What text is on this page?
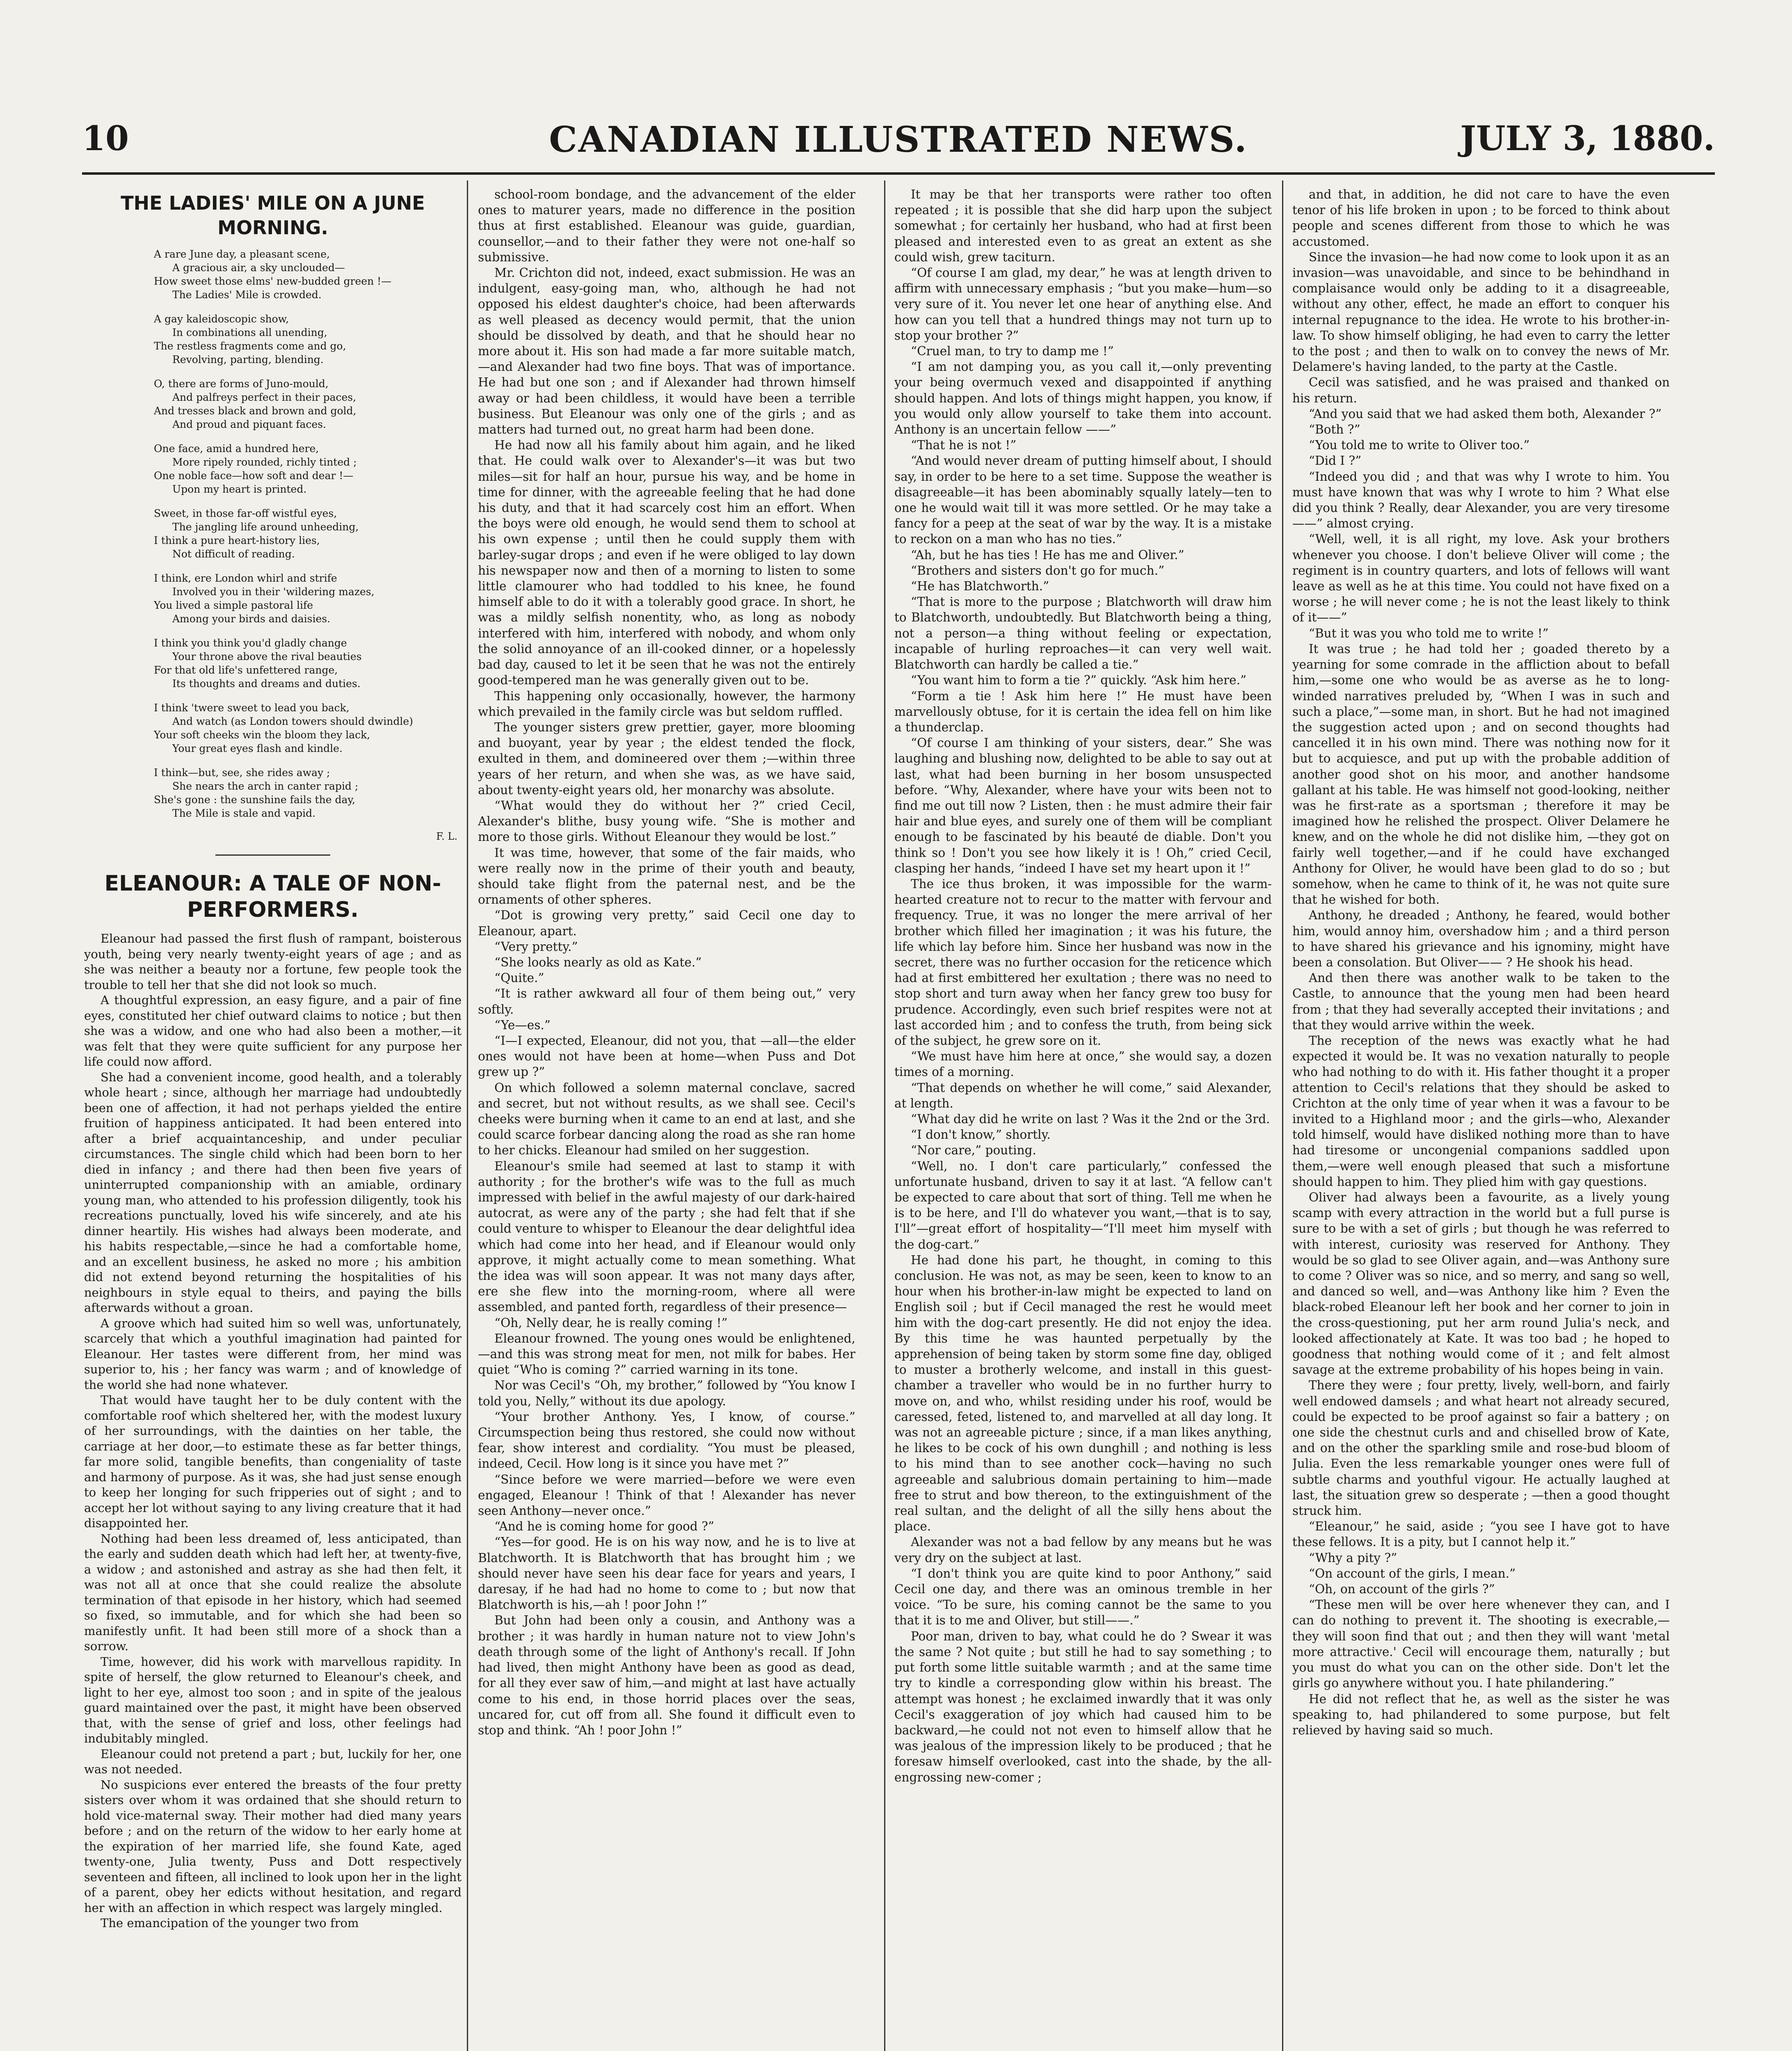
10	CANADIAN ILLUSTRATED NEWS.	JULY 3, 1880.
THE LADIES' MILE ON A JUNE MORNING.
A rare June day, a pleasant scene,
A gracious air, a sky unclouded—
How sweet those elms' new-budded green !—
The Ladies' Mile is crowded.
A gay kaleidoscopic show,
In combinations all unending,
The restless fragments come and go,
Revolving, parting, blending.
O, there are forms of Juno-mould,
And palfreys perfect in their paces,
And tresses black and brown and gold,
And proud and piquant faces.
One face, amid a hundred here,
More ripely rounded, richly tinted ;
One noble face—how soft and dear !—
Upon my heart is printed.
Sweet, in those far-off wistful eyes,
The jangling life around unheeding,
I think a pure heart-history lies,
Not difficult of reading.
I think, ere London whirl and strife
Involved you in their 'wildering mazes,
You lived a simple pastoral life
Among your birds and daisies.
I think you think you'd gladly change
Your throne above the rival beauties
For that old life's unfettered range,
Its thoughts and dreams and duties.
I think 'twere sweet to lead you back,
And watch (as London towers should dwindle)
Your soft cheeks win the bloom they lack,
Your great eyes flash and kindle.
I think—but, see, she rides away ;
She nears the arch in canter rapid ;
She's gone : the sunshine fails the day,
The Mile is stale and vapid.
F. L.
ELEANOUR: A TALE OF NON-PERFORMERS.

Eleanour had passed the first flush of rampant, boisterous youth, being very nearly twenty-eight years of age ; and as she was neither a beauty nor a fortune, few people took the trouble to tell her that she did not look so much.

A thoughtful expression, an easy figure, and a pair of fine eyes, constituted her chief outward claims to notice ; but then she was a widow, and one who had also been a mother,—it was felt that they were quite sufficient for any purpose her life could now afford.

She had a convenient income, good health, and a tolerably whole heart ; since, although her marriage had undoubtedly been one of affection, it had not perhaps yielded the entire fruition of happiness anticipated. It had been entered into after a brief acquaintanceship, and under peculiar circumstances. The single child which had been born to her died in infancy ; and there had then been five years of uninterrupted companionship with an amiable, ordinary young man, who attended to his profession diligently, took his recreations punctually, loved his wife sincerely, and ate his dinner heartily. His wishes had always been moderate, and his habits respectable,—since he had a comfortable home, and an excellent business, he asked no more ; his ambition did not extend beyond returning the hospitalities of his neighbours in style equal to theirs, and paying the bills afterwards without a groan.

A groove which had suited him so well was, unfortunately, scarcely that which a youthful imagination had painted for Eleanour. Her tastes were different from, her mind was superior to, his ; her fancy was warm ; and of knowledge of the world she had none whatever.

That would have taught her to be duly content with the comfortable roof which sheltered her, with the modest luxury of her surroundings, with the dainties on her table, the carriage at her door,—to estimate these as far better things, far more solid, tangible benefits, than congeniality of taste and harmony of purpose. As it was, she had just sense enough to keep her longing for such fripperies out of sight ; and to accept her lot without saying to any living creature that it had disappointed her.

Nothing had been less dreamed of, less anticipated, than the early and sudden death which had left her, at twenty-five, a widow ; and astonished and astray as she had then felt, it was not all at once that she could realize the absolute termination of that episode in her history, which had seemed so fixed, so immutable, and for which she had been so manifestly unfit. It had been still more of a shock than a sorrow.

Time, however, did his work with marvellous rapidity. In spite of herself, the glow returned to Eleanour's cheek, and light to her eye, almost too soon ; and in spite of the jealous guard maintained over the past, it might have been observed that, with the sense of grief and loss, other feelings had indubitably mingled.

Eleanour could not pretend a part ; but, luckily for her, one was not needed.

No suspicions ever entered the breasts of the four pretty sisters over whom it was ordained that she should return to hold vice-maternal sway. Their mother had died many years before ; and on the return of the widow to her early home at the expiration of her married life, she found Kate, aged twenty-one, Julia twenty, Puss and Dott respectively seventeen and fifteen, all inclined to look upon her in the light of a parent, obey her edicts without hesitation, and regard her with an affection in which respect was largely mingled.

The emancipation of the younger two from

school-room bondage, and the advancement of the elder ones to maturer years, made no difference in the position thus at first established. Eleanour was guide, guardian, counsellor,—and to their father they were not one-half so submissive.

Mr. Crichton did not, indeed, exact submission. He was an indulgent, easy-going man, who, although he had not opposed his eldest daughter's choice, had been afterwards as well pleased as decency would permit, that the union should be dissolved by death, and that he should hear no more about it. His son had made a far more suitable match,—and Alexander had two fine boys. That was of importance. He had but one son ; and if Alexander had thrown himself away or had been childless, it would have been a terrible business. But Eleanour was only one of the girls ; and as matters had turned out, no great harm had been done.

He had now all his family about him again, and he liked that. He could walk over to Alexander's—it was but two miles—sit for half an hour, pursue his way, and be home in time for dinner, with the agreeable feeling that he had done his duty, and that it had scarcely cost him an effort. When the boys were old enough, he would send them to school at his own expense ; until then he could supply them with barley-sugar drops ; and even if he were obliged to lay down his newspaper now and then of a morning to listen to some little clamourer who had toddled to his knee, he found himself able to do it with a tolerably good grace. In short, he was a mildly selfish nonentity, who, as long as nobody interfered with him, interfered with nobody, and whom only the solid annoyance of an ill-cooked dinner, or a hopelessly bad day, caused to let it be seen that he was not the entirely good-tempered man he was generally given out to be.

This happening only occasionally, however, the harmony which prevailed in the family circle was but seldom ruffled.

The younger sisters grew prettier, gayer, more blooming and buoyant, year by year ; the eldest tended the flock, exulted in them, and domineered over them ;—within three years of her return, and when she was, as we have said, about twenty-eight years old, her monarchy was absolute.

“What would they do without her ?” cried Cecil, Alexander's blithe, busy young wife. “She is mother and more to those girls. Without Eleanour they would be lost.”

It was time, however, that some of the fair maids, who were really now in the prime of their youth and beauty, should take flight from the paternal nest, and be the ornaments of other spheres.

“Dot is growing very pretty,” said Cecil one day to Eleanour, apart.

“Very pretty.”

“She looks nearly as old as Kate.”

“Quite.”

“It is rather awkward all four of them being out,” very softly.

“Ye—es.”

“I—I expected, Eleanour, did not you, that —all—the elder ones would not have been at home—when Puss and Dot grew up ?”

On which followed a solemn maternal conclave, sacred and secret, but not without results, as we shall see. Cecil's cheeks were burning when it came to an end at last, and she could scarce forbear dancing along the road as she ran home to her chicks. Eleanour had smiled on her suggestion.

Eleanour's smile had seemed at last to stamp it with authority ; for the brother's wife was to the full as much impressed with belief in the awful majesty of our dark-haired autocrat, as were any of the party ; she had felt that if she could venture to whisper to Eleanour the dear delightful idea which had come into her head, and if Eleanour would only approve, it might actually come to mean something. What the idea was will soon appear. It was not many days after, ere she flew into the morning-room, where all were assembled, and panted forth, regardless of their presence—

“Oh, Nelly dear, he is really coming !”

Eleanour frowned. The young ones would be enlightened,—and this was strong meat for men, not milk for babes. Her quiet “Who is coming ?” carried warning in its tone.

Nor was Cecil's “Oh, my brother,” followed by “You know I told you, Nelly,” without its due apology.

“Your brother Anthony. Yes, I know, of course.” Circumspection being thus restored, she could now without fear, show interest and cordiality. “You must be pleased, indeed, Cecil. How long is it since you have met ?”

“Since before we were married—before we were even engaged, Eleanour ! Think of that ! Alexander has never seen Anthony—never once.”

“And he is coming home for good ?”

“Yes—for good. He is on his way now, and he is to live at Blatchworth. It is Blatchworth that has brought him ; we should never have seen his dear face for years and years, I daresay, if he had had no home to come to ; but now that Blatchworth is his,—ah ! poor John !”

But John had been only a cousin, and Anthony was a brother ; it was hardly in human nature not to view John's death through some of the light of Anthony's recall. If John had lived, then might Anthony have been as good as dead, for all they ever saw of him,—and might at last have actually come to his end, in those horrid places over the seas, uncared for, cut off from all. She found it difficult even to stop and think. “Ah ! poor John !”

It may be that her transports were rather too often repeated ; it is possible that she did harp upon the subject somewhat ; for certainly her husband, who had at first been pleased and interested even to as great an extent as she could wish, grew taciturn.

“Of course I am glad, my dear,” he was at length driven to affirm with unnecessary emphasis ; “but you make—hum—so very sure of it. You never let one hear of anything else. And how can you tell that a hundred things may not turn up to stop your brother ?”

“Cruel man, to try to damp me !”

“I am not damping you, as you call it,—only preventing your being overmuch vexed and disappointed if anything should happen. And lots of things might happen, you know, if you would only allow yourself to take them into account. Anthony is an uncertain fellow ——”

“That he is not !”

“And would never dream of putting himself about, I should say, in order to be here to a set time. Suppose the weather is disagreeable—it has been abominably squally lately—ten to one he would wait till it was more settled. Or he may take a fancy for a peep at the seat of war by the way. It is a mistake to reckon on a man who has no ties.”

“Ah, but he has ties ! He has me and Oliver.”

“Brothers and sisters don't go for much.”

“He has Blatchworth.”

“That is more to the purpose ; Blatchworth will draw him to Blatchworth, undoubtedly. But Blatchworth being a thing, not a person—a thing without feeling or expectation, incapable of hurling reproaches—it can very well wait. Blatchworth can hardly be called a tie.”

“You want him to form a tie ?” quickly. “Ask him here.”

“Form a tie ! Ask him here !” He must have been marvellously obtuse, for it is certain the idea fell on him like a thunderclap.

“Of course I am thinking of your sisters, dear.” She was laughing and blushing now, delighted to be able to say out at last, what had been burning in her bosom unsuspected before. “Why, Alexander, where have your wits been not to find me out till now ? Listen, then : he must admire their fair hair and blue eyes, and surely one of them will be compliant enough to be fascinated by his beauté de diable. Don't you think so ! Don't you see how likely it is ! Oh,” cried Cecil, clasping her hands, “indeed I have set my heart upon it !”

The ice thus broken, it was impossible for the warm-hearted creature not to recur to the matter with fervour and frequency. True, it was no longer the mere arrival of her brother which filled her imagination ; it was his future, the life which lay before him. Since her husband was now in the secret, there was no further occasion for the reticence which had at first embittered her exultation ; there was no need to stop short and turn away when her fancy grew too busy for prudence. Accordingly, even such brief respites were not at last accorded him ; and to confess the truth, from being sick of the subject, he grew sore on it.

“We must have him here at once,” she would say, a dozen times of a morning.

“That depends on whether he will come,” said Alexander, at length.

“What day did he write on last ? Was it the 2nd or the 3rd.

“I don't know,” shortly.

“Nor care,” pouting.

“Well, no. I don't care particularly,” confessed the unfortunate husband, driven to say it at last. “A fellow can't be expected to care about that sort of thing. Tell me when he is to be here, and I'll do whatever you want,—that is to say, I'll”—great effort of hospitality—“I'll meet him myself with the dog-cart.”

He had done his part, he thought, in coming to this conclusion. He was not, as may be seen, keen to know to an hour when his brother-in-law might be expected to land on English soil ; but if Cecil managed the rest he would meet him with the dog-cart presently. He did not enjoy the idea. By this time he was haunted perpetually by the apprehension of being taken by storm some fine day, obliged to muster a brotherly welcome, and install in this guest-chamber a traveller who would be in no further hurry to move on, and who, whilst residing under his roof, would be caressed, feted, listened to, and marvelled at all day long. It was not an agreeable picture ; since, if a man likes anything, he likes to be cock of his own dunghill ; and nothing is less to his mind than to see another cock—having no such agreeable and salubrious domain pertaining to him—made free to strut and bow thereon, to the extinguishment of the real sultan, and the delight of all the silly hens about the place.

Alexander was not a bad fellow by any means but he was very dry on the subject at last.

“I don't think you are quite kind to poor Anthony,” said Cecil one day, and there was an ominous tremble in her voice. “To be sure, his coming cannot be the same to you that it is to me and Oliver, but still——.”

Poor man, driven to bay, what could he do ? Swear it was the same ? Not quite ; but still he had to say something ; to put forth some little suitable warmth ; and at the same time try to kindle a corresponding glow within his breast. The attempt was honest ; he exclaimed inwardly that it was only Cecil's exaggeration of joy which had caused him to be backward,—he could not not even to himself allow that he was jealous of the impression likely to be produced ; that he foresaw himself overlooked, cast into the shade, by the all-engrossing new-comer ;

and that, in addition, he did not care to have the even tenor of his life broken in upon ; to be forced to think about people and scenes different from those to which he was accustomed.

Since the invasion—he had now come to look upon it as an invasion—was unavoidable, and since to be behindhand in complaisance would only be adding to it a disagreeable, without any other, effect, he made an effort to conquer his internal repugnance to the idea. He wrote to his brother-in-law. To show himself obliging, he had even to carry the letter to the post ; and then to walk on to convey the news of Mr. Delamere's having landed, to the party at the Castle.

Cecil was satisfied, and he was praised and thanked on his return.

“And you said that we had asked them both, Alexander ?”

“Both ?”

“You told me to write to Oliver too.”

“Did I ?”

“Indeed you did ; and that was why I wrote to him. You must have known that was why I wrote to him ? What else did you think ? Really, dear Alexander, you are very tiresome——” almost crying.

“Well, well, it is all right, my love. Ask your brothers whenever you choose. I don't believe Oliver will come ; the regiment is in country quarters, and lots of fellows will want leave as well as he at this time. You could not have fixed on a worse ; he will never come ; he is not the least likely to think of it——”

“But it was you who told me to write !”

It was true ; he had told her ; goaded thereto by a yearning for some comrade in the affliction about to befall him,—some one who would be as averse as he to long-winded narratives preluded by, “When I was in such and such a place,”—some man, in short. But he had not imagined the suggestion acted upon ; and on second thoughts had cancelled it in his own mind. There was nothing now for it but to acquiesce, and put up with the probable addition of another good shot on his moor, and another handsome gallant at his table. He was himself not good-looking, neither was he first-rate as a sportsman ; therefore it may be imagined how he relished the prospect. Oliver Delamere he knew, and on the whole he did not dislike him, —they got on fairly well together,—and if he could have exchanged Anthony for Oliver, he would have been glad to do so ; but somehow, when he came to think of it, he was not quite sure that he wished for both.

Anthony, he dreaded ; Anthony, he feared, would bother him, would annoy him, overshadow him ; and a third person to have shared his grievance and his ignominy, might have been a consolation. But Oliver—— ? He shook his head.

And then there was another walk to be taken to the Castle, to announce that the young men had been heard from ; that they had severally accepted their invitations ; and that they would arrive within the week.

The reception of the news was exactly what he had expected it would be. It was no vexation naturally to people who had nothing to do with it. His father thought it a proper attention to Cecil's relations that they should be asked to Crichton at the only time of year when it was a favour to be invited to a Highland moor ; and the girls—who, Alexander told himself, would have disliked nothing more than to have had tiresome or uncongenial companions saddled upon them,—were well enough pleased that such a misfortune should happen to him. They plied him with gay questions.

Oliver had always been a favourite, as a lively young scamp with every attraction in the world but a full purse is sure to be with a set of girls ; but though he was referred to with interest, curiosity was reserved for Anthony. They would be so glad to see Oliver again, and—was Anthony sure to come ? Oliver was so nice, and so merry, and sang so well, and danced so well, and—was Anthony like him ? Even the black-robed Eleanour left her book and her corner to join in the cross-questioning, put her arm round Julia's neck, and looked affectionately at Kate. It was too bad ; he hoped to goodness that nothing would come of it ; and felt almost savage at the extreme probability of his hopes being in vain.

There they were ; four pretty, lively, well-born, and fairly well endowed damsels ; and what heart not already secured, could be expected to be proof against so fair a battery ; on one side the chestnut curls and and chiselled brow of Kate, and on the other the sparkling smile and rose-bud bloom of Julia. Even the less remarkable younger ones were full of subtle charms and youthful vigour. He actually laughed at last, the situation grew so desperate ; —then a good thought struck him.

“Eleanour,” he said, aside ; “you see I have got to have these fellows. It is a pity, but I cannot help it.”

“Why a pity ?”

“On account of the girls, I mean.”

“Oh, on account of the girls ?”

“These men will be over here whenever they can, and I can do nothing to prevent it. The shooting is execrable,—they will soon find that out ; and then they will want 'metal more attractive.' Cecil will encourage them, naturally ; but you must do what you can on the other side. Don't let the girls go anywhere without you. I hate philandering.”

He did not reflect that he, as well as the sister he was speaking to, had philandered to some purpose, but felt relieved by having said so much.
